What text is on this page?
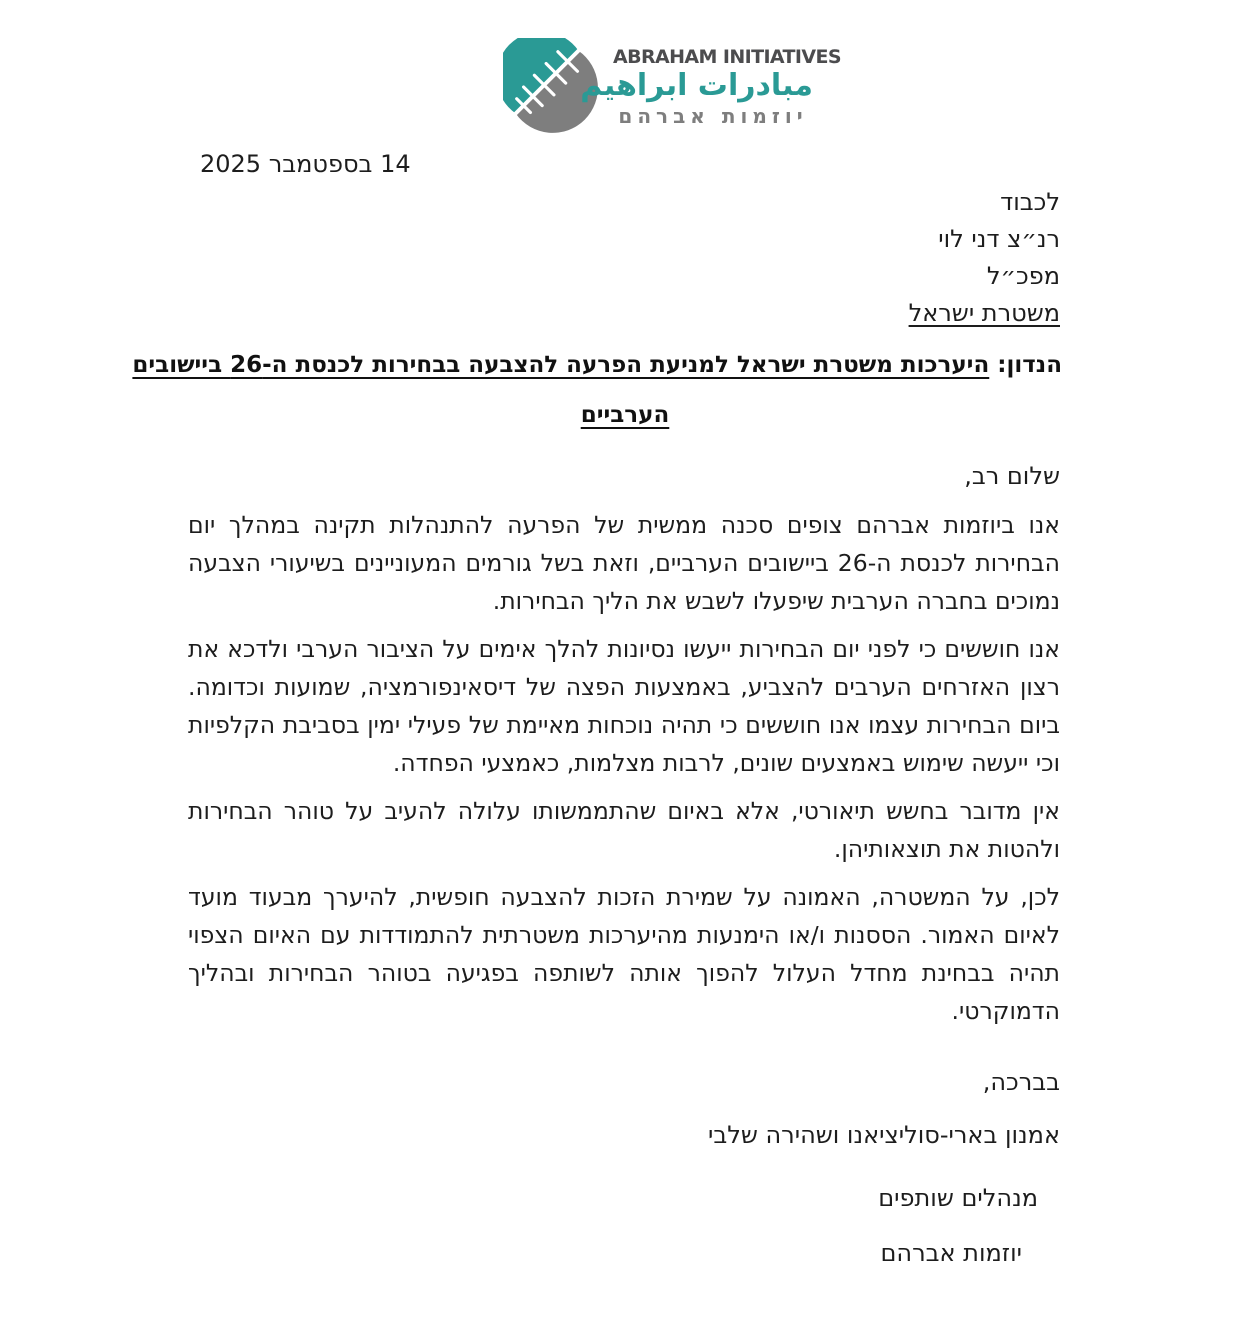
ABRAHAM INITIATIVES
مبادرات ابراهيم
יוזמות אברהם
14 בספטמבר 2025
לכבוד
רנ״צ דני לוי
מפכ״ל
משטרת ישראל
הנדון: היערכות משטרת ישראל למניעת הפרעה להצבעה בבחירות לכנסת ה-26 ביישובים
הערביים
שלום רב,

אנו ביוזמות אברהם צופים סכנה ממשית של הפרעה להתנהלות תקינה במהלך יום הבחירות לכנסת ה-26 ביישובים הערביים, וזאת בשל גורמים המעוניינים בשיעורי הצבעה נמוכים בחברה הערבית שיפעלו לשבש את הליך הבחירות.

אנו חוששים כי לפני יום הבחירות ייעשו נסיונות להלך אימים על הציבור הערבי ולדכא את רצון האזרחים הערבים להצביע, באמצעות הפצה של דיסאינפורמציה, שמועות וכדומה. ביום הבחירות עצמו אנו חוששים כי תהיה נוכחות מאיימת של פעילי ימין בסביבת הקלפיות וכי ייעשה שימוש באמצעים שונים, לרבות מצלמות, כאמצעי הפחדה.

אין מדובר בחשש תיאורטי, אלא באיום שהתממשותו עלולה להעיב על טוהר הבחירות ולהטות את תוצאותיהן.

לכן, על המשטרה, האמונה על שמירת הזכות להצבעה חופשית, להיערך מבעוד מועד לאיום האמור. הססנות ו/או הימנעות מהיערכות משטרתית להתמודדות עם האיום הצפוי תהיה בבחינת מחדל העלול להפוך אותה לשותפה בפגיעה בטוהר הבחירות ובהליך הדמוקרטי.

בברכה,
אמנון בארי-סוליציאנו ושהירה שלבי
מנהלים שותפים
יוזמות אברהם
